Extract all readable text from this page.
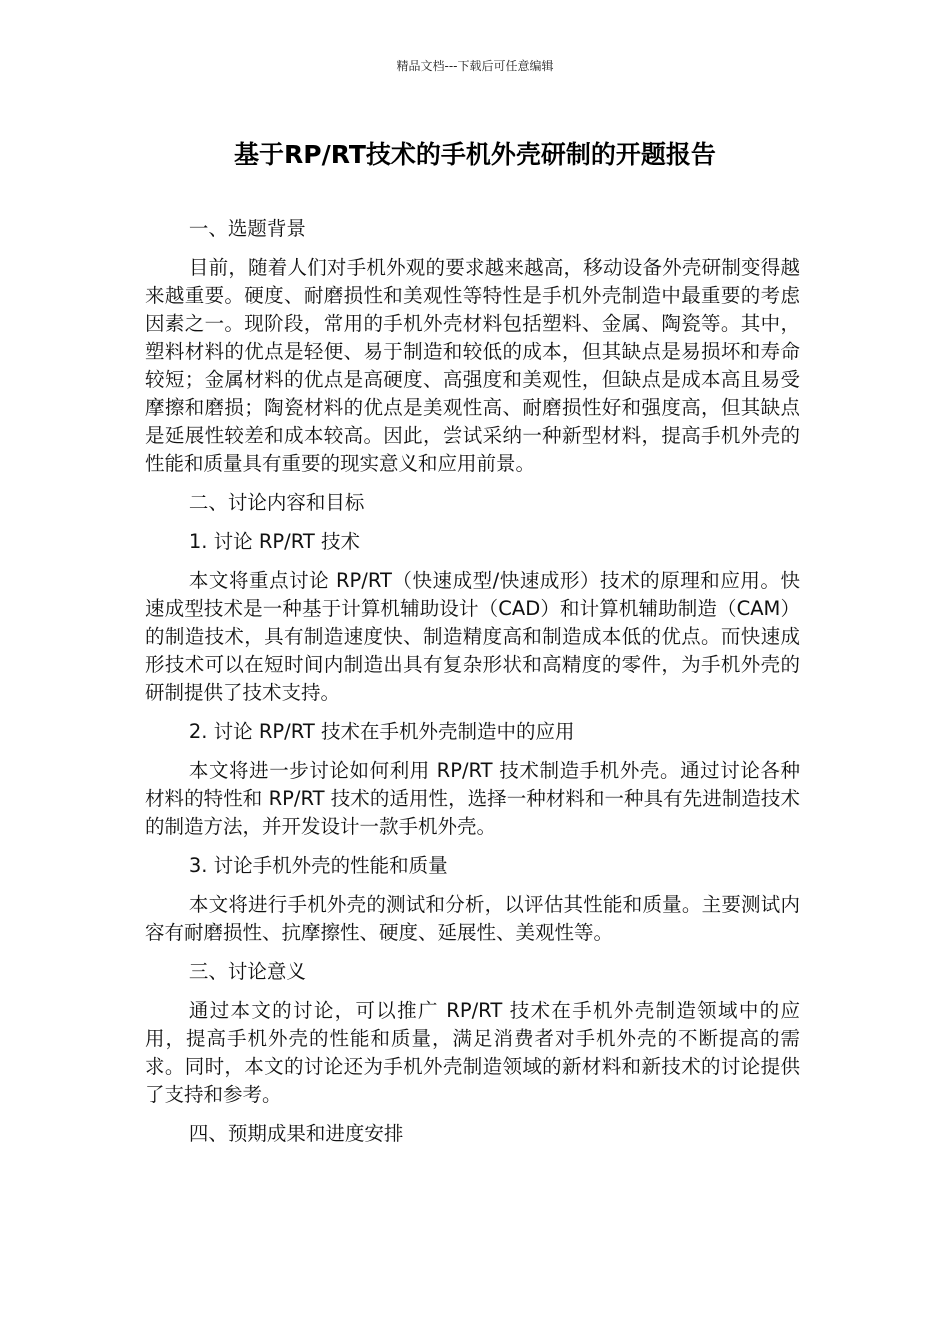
精品文档---下载后可任意编辑
基于RP/RT技术的手机外壳研制的开题报告

一、选题背景

目前，随着人们对手机外观的要求越来越高，移动设备外壳研制变得越来越重要。硬度、耐磨损性和美观性等特性是手机外壳制造中最重要的考虑因素之一。现阶段，常用的手机外壳材料包括塑料、金属、陶瓷等。其中，塑料材料的优点是轻便、易于制造和较低的成本，但其缺点是易损坏和寿命较短；金属材料的优点是高硬度、高强度和美观性，但缺点是成本高且易受摩擦和磨损；陶瓷材料的优点是美观性高、耐磨损性好和强度高，但其缺点是延展性较差和成本较高。因此，尝试采纳一种新型材料，提高手机外壳的性能和质量具有重要的现实意义和应用前景。

二、讨论内容和目标

1. 讨论 RP/RT 技术

本文将重点讨论 RP/RT（快速成型/快速成形）技术的原理和应用。快速成型技术是一种基于计算机辅助设计（CAD）和计算机辅助制造（CAM）的制造技术，具有制造速度快、制造精度高和制造成本低的优点。而快速成形技术可以在短时间内制造出具有复杂形状和高精度的零件，为手机外壳的研制提供了技术支持。

2. 讨论 RP/RT 技术在手机外壳制造中的应用

本文将进一步讨论如何利用 RP/RT 技术制造手机外壳。通过讨论各种材料的特性和 RP/RT 技术的适用性，选择一种材料和一种具有先进制造技术的制造方法，并开发设计一款手机外壳。

3. 讨论手机外壳的性能和质量

本文将进行手机外壳的测试和分析，以评估其性能和质量。主要测试内容有耐磨损性、抗摩擦性、硬度、延展性、美观性等。

三、讨论意义

通过本文的讨论，可以推广 RP/RT 技术在手机外壳制造领域中的应用，提高手机外壳的性能和质量，满足消费者对手机外壳的不断提高的需求。同时，本文的讨论还为手机外壳制造领域的新材料和新技术的讨论提供了支持和参考。

四、预期成果和进度安排
